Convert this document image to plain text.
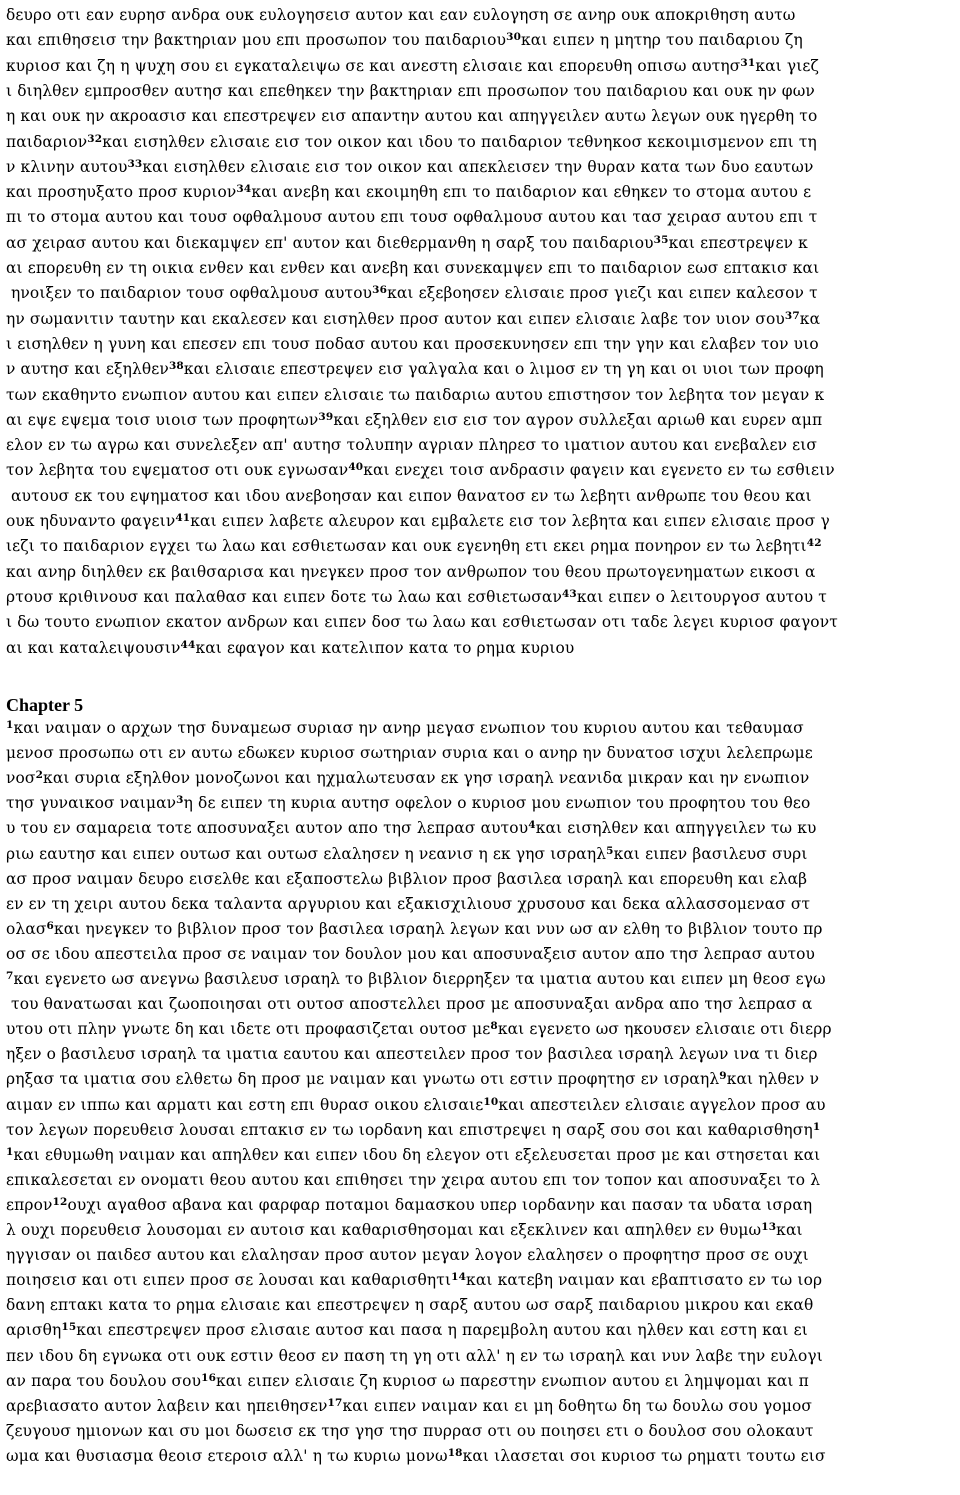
δευρο οτι εαν ευρησ ανδρα ουκ ευλογησεισ αυτον και εαν ευλογηση σε ανηρ ουκ αποκριθηση αυτω
και επιθησεισ την βακτηριαν μου επι προσωπον του παιδαριου$^{30}$και ειπεν η μητηρ του παιδαριου ζη
κυριοσ και ζη η ψυχη σου ει εγκαταλειψω σε και ανεστη ελισαιε και επορευθη οπισω αυτησ$^{31}$και γιεζ
ι διηλθεν εμπροσθεν αυτησ και επεθηκεν την βακτηριαν επι προσωπον του παιδαριου και ουκ ην φων
η και ουκ ην ακροασισ και επεστρεψεν εισ απαντην αυτου και απηγγειλεν αυτω λεγων ουκ ηγερθη το
παιδαριον$^{32}$και εισηλθεν ελισαιε εισ τον οικον και ιδου το παιδαριον τεθνηκοσ κεκοιμισμενον επι τη
ν κλινην αυτου$^{33}$και εισηλθεν ελισαιε εισ τον οικον και απεκλεισεν την θυραν κατα των δυο εαυτων
και προσηυξατο προσ κυριον$^{34}$και ανεβη και εκοιμηθη επι το παιδαριον και εθηκεν το στομα αυτου ε
πι το στομα αυτου και τουσ οφθαλμουσ αυτου επι τουσ οφθαλμουσ αυτου και τασ χειρασ αυτου επι τ
ασ χειρασ αυτου και διεκαμψεν επ' αυτον και διεθερμανθη η σαρξ του παιδαριου$^{35}$και επεστρεψεν κ
αι επορευθη εν τη οικια ενθεν και ενθεν και ανεβη και συνεκαμψεν επι το παιδαριον εωσ επτακισ και
ηνοιξεν το παιδαριον τουσ οφθαλμουσ αυτου$^{36}$και εξεβοησεν ελισαιε προσ γιεζι και ειπεν καλεσον τ
ην σωμανιτιν ταυτην και εκαλεσεν και εισηλθεν προσ αυτον και ειπεν ελισαιε λαβε τον υιον σου$^{37}$κα
ι εισηλθεν η γυνη και επεσεν επι τουσ ποδασ αυτου και προσεκυνησεν επι την γην και ελαβεν τον υιο
ν αυτησ και εξηλθεν$^{38}$και ελισαιε επεστρεψεν εισ γαλγαλα και ο λιμοσ εν τη γη και οι υιοι των προφη
των εκαθηντο ενωπιον αυτου και ειπεν ελισαιε τω παιδαριω αυτου επιστησον τον λεβητα τον μεγαν κ
αι εψε εψεμα τοισ υιοισ των προφητων$^{39}$και εξηλθεν εισ εισ τον αγρον συλλεξαι αριωθ και ευρεν αμπ
ελον εν τω αγρω και συνελεξεν απ' αυτησ τολυπην αγριαν πληρεσ το ιματιον αυτου και ενεβαλεν εισ
τον λεβητα του εψεματοσ οτι ουκ εγνωσαν$^{40}$και ενεχει τοισ ανδρασιν φαγειν και εγενετο εν τω εσθιειν
αυτουσ εκ του εψηματοσ και ιδου ανεβοησαν και ειπον θανατοσ εν τω λεβητι ανθρωπε του θεου και
ουκ ηδυναντο φαγειν$^{41}$και ειπεν λαβετε αλευρον και εμβαλετε εισ τον λεβητα και ειπεν ελισαιε προσ γ
ιεζι το παιδαριον εγχει τω λαω και εσθιετωσαν και ουκ εγενηθη ετι εκει ρημα πονηρον εν τω λεβητι$^{42}$
και ανηρ διηλθεν εκ βαιθσαρισα και ηνεγκεν προσ τον ανθρωπον του θεου πρωτογενηματων εικοσι α
ρτουσ κριθινουσ και παλαθασ και ειπεν δοτε τω λαω και εσθιετωσαν$^{43}$και ειπεν ο λειτουργοσ αυτου τ
ι δω τουτο ενωπιον εκατον ανδρων και ειπεν δοσ τω λαω και εσθιετωσαν οτι ταδε λεγει κυριοσ φαγοντ
αι και καταλειψουσιν$^{44}$και εφαγον και κατελιπον κατα το ρημα κυριου
Chapter 5
$^1$και ναιμαν ο αρχων τησ δυναμεωσ συριασ ην ανηρ μεγασ ενωπιον του κυριου αυτου και τεθαυμασ
μενοσ προσωπω οτι εν αυτω εδωκεν κυριοσ σωτηριαν συρια και ο ανηρ ην δυνατοσ ισχυι λελεπρωμε
νοσ$^2$και συρια εξηλθον μονοζωνοι και ηχμαλωτευσαν εκ γησ ισραηλ νεανιδα μικραν και ην ενωπιον
τησ γυναικοσ ναιμαν$^3$η δε ειπεν τη κυρια αυτησ οφελον ο κυριοσ μου ενωπιον του προφητου του θεο
υ του εν σαμαρεια τοτε αποσυναξει αυτον απο τησ λεπρασ αυτου$^4$και εισηλθεν και απηγγειλεν τω κυ
ριω εαυτησ και ειπεν ουτωσ και ουτωσ ελαλησεν η νεανισ η εκ γησ ισραηλ$^5$και ειπεν βασιλευσ συρι
ασ προσ ναιμαν δευρο εισελθε και εξαποστελω βιβλιον προσ βασιλεα ισραηλ και επορευθη και ελαβ
εν εν τη χειρι αυτου δεκα ταλαντα αργυριου και εξακισχιλιουσ χρυσουσ και δεκα αλλασσομενασ στ
ολασ$^6$και ηνεγκεν το βιβλιον προσ τον βασιλεα ισραηλ λεγων και νυν ωσ αν ελθη το βιβλιον τουτο πρ
οσ σε ιδου απεστειλα προσ σε ναιμαν τον δουλον μου και αποσυναξεισ αυτον απο τησ λεπρασ αυτου
$^7$και εγενετο ωσ ανεγνω βασιλευσ ισραηλ το βιβλιον διερρηξεν τα ιματια αυτου και ειπεν μη θεοσ εγω
του θανατωσαι και ζωοποιησαι οτι ουτοσ αποστελλει προσ με αποσυναξαι ανδρα απο τησ λεπρασ α
υτου οτι πλην γνωτε δη και ιδετε οτι προφασιζεται ουτοσ $\mu\varepsilon^8\kappa\alpha\iota$ εγενετο ωσ ηκουσεν ελισαιε οτι διερρ
ηξεν ο βασιλευσ ισραηλ τα ιματια εαυτου και απεστειλεν προσ τον βασιλεα ισραηλ λεγων ινα τι διερ
ρηξασ τα ιματια σου ελθετω δη προσ με ναιμαν και γνωτω οτι εστιν προφητησ εν ισραηλ$^9$και ηλθεν ν
αιμαν εν ιππω και αρματι και εστη επι θυρασ οικου ελισαιε$^{10}$και απεστειλεν ελισαιε αγγελον προσ αυ
τον λεγων πορευθεισ λουσαι επτακισ εν τω ιορδανη και επιστρεψει η σαρξ σου σοι και καθαρισθηση$^1$
$^1$και εθυμωθη ναιμαν και απηλθεν και ειπεν ιδου δη ελεγον οτι εξελευσεται προσ με και στησεται και
επικαλεσεται εν ονοματι θεου αυτου και επιθησει την χειρα αυτου επι τον τοπον και αποσυναξει το λ
επρον$^{12}$ουχι αγαθοσ αβανα και φαρφαρ ποταμοι δαμασκου υπερ ιορδανην και πασαν τα υδατα ισραη
λ ουχι πορευθεισ λουσομαι εν αυτοισ και καθαρισθησομαι και εξεκλινεν και απηλθεν εν θυμω$^{13}$και
ηγγισαν οι παιδεσ αυτου και ελαλησαν προσ αυτον μεγαν λογον ελαλησεν ο προφητησ προσ σε ουχι
ποιησεισ και οτι ειπεν προσ σε λουσαι και καθαρισθητι$^{14}$και κατεβη ναιμαν και εβαπτισατο εν τω ιορ
δανη επτακι κατα το ρημα ελισαιε και επεστρεψεν η σαρξ αυτου ωσ σαρξ παιδαριου μικρου και εκαθ
αρισθη$^{15}$και επεστρεψεν προσ ελισαιε αυτοσ και πασα η παρεμβολη αυτου και ηλθεν και εστη και ει
πεν ιδου δη εγνωκα οτι ουκ εστιν θεοσ εν παση τη γη οτι αλλ' η εν τω ισραηλ και νυν λαβε την ευλογι
αν παρα του δουλου σου$^{16}$και ειπεν ελισαιε ζη κυριοσ ω παρεστην ενωπιον αυτου ει λημψομαι και π
αρεβιασατο αυτον λαβειν και ηπειθησεν$^{17}$και ειπεν ναιμαν και ει μη δοθητω δη τω δουλω σου γομοσ
ζευγουσ ημιονων και συ μοι δωσεισ εκ τησ γησ τησ πυρρασ οτι ου ποιησει ετι ο δουλοσ σου ολοκαυτ
ωμα και θυσιασμα θεοισ ετεροισ αλλ' η τω κυριω μονω$^{18}$και ιλασεται σοι κυριοσ τω ρηματι τουτω εισ
